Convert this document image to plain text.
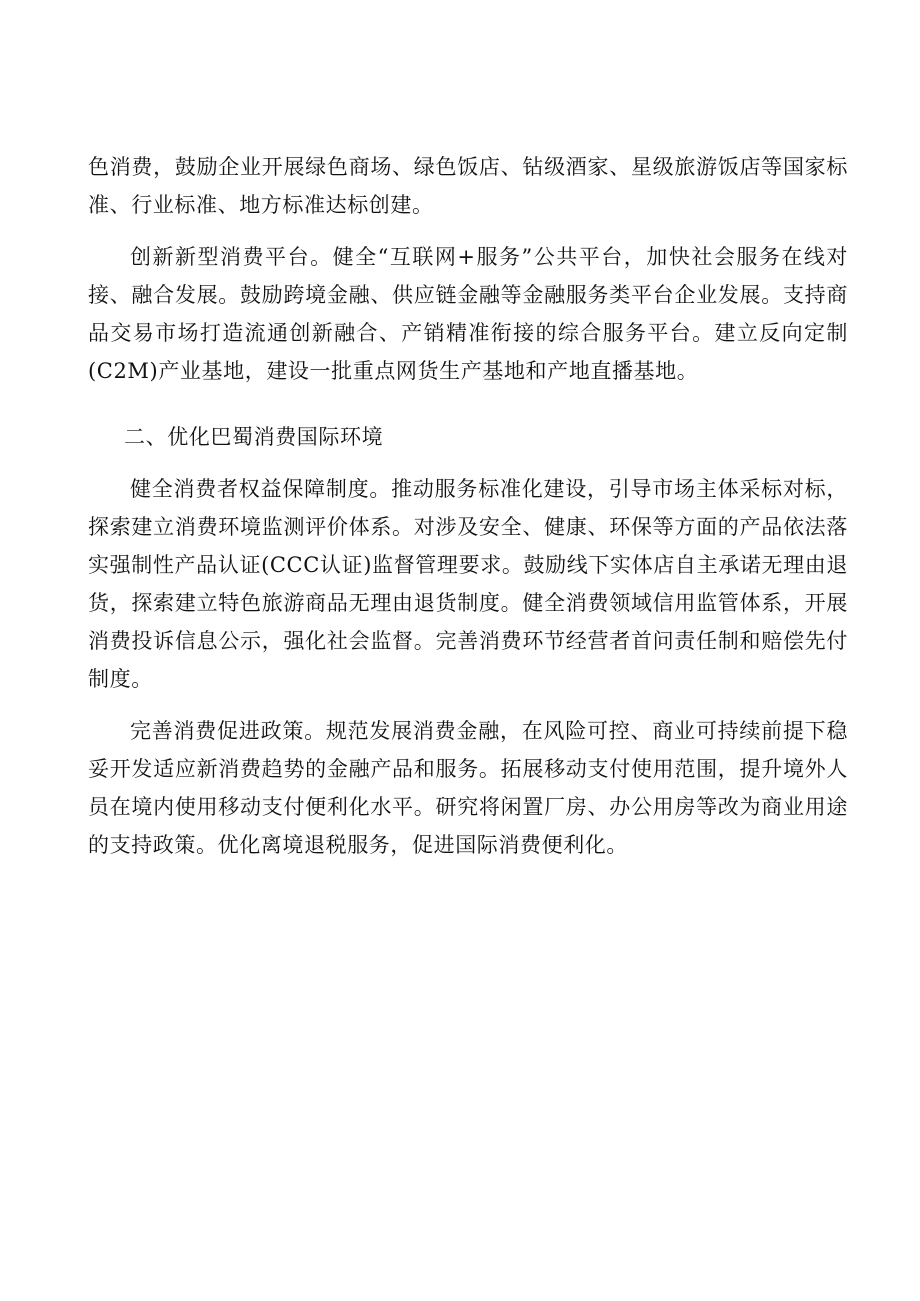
色消费，鼓励企业开展绿色商场、绿色饭店、钻级酒家、星级旅游饭店等国家标准、行业标准、地方标准达标创建。

创新新型消费平台。健全“互联网+服务”公共平台，加快社会服务在线对接、融合发展。鼓励跨境金融、供应链金融等金融服务类平台企业发展。支持商品交易市场打造流通创新融合、产销精准衔接的综合服务平台。建立反向定制(C2M)产业基地，建设一批重点网货生产基地和产地直播基地。

二、优化巴蜀消费国际环境

健全消费者权益保障制度。推动服务标准化建设，引导市场主体采标对标，探索建立消费环境监测评价体系。对涉及安全、健康、环保等方面的产品依法落实强制性产品认证(CCC认证)监督管理要求。鼓励线下实体店自主承诺无理由退货，探索建立特色旅游商品无理由退货制度。健全消费领域信用监管体系，开展消费投诉信息公示，强化社会监督。完善消费环节经营者首问责任制和赔偿先付制度。

完善消费促进政策。规范发展消费金融，在风险可控、商业可持续前提下稳妥开发适应新消费趋势的金融产品和服务。拓展移动支付使用范围，提升境外人员在境内使用移动支付便利化水平。研究将闲置厂房、办公用房等改为商业用途的支持政策。优化离境退税服务，促进国际消费便利化。
